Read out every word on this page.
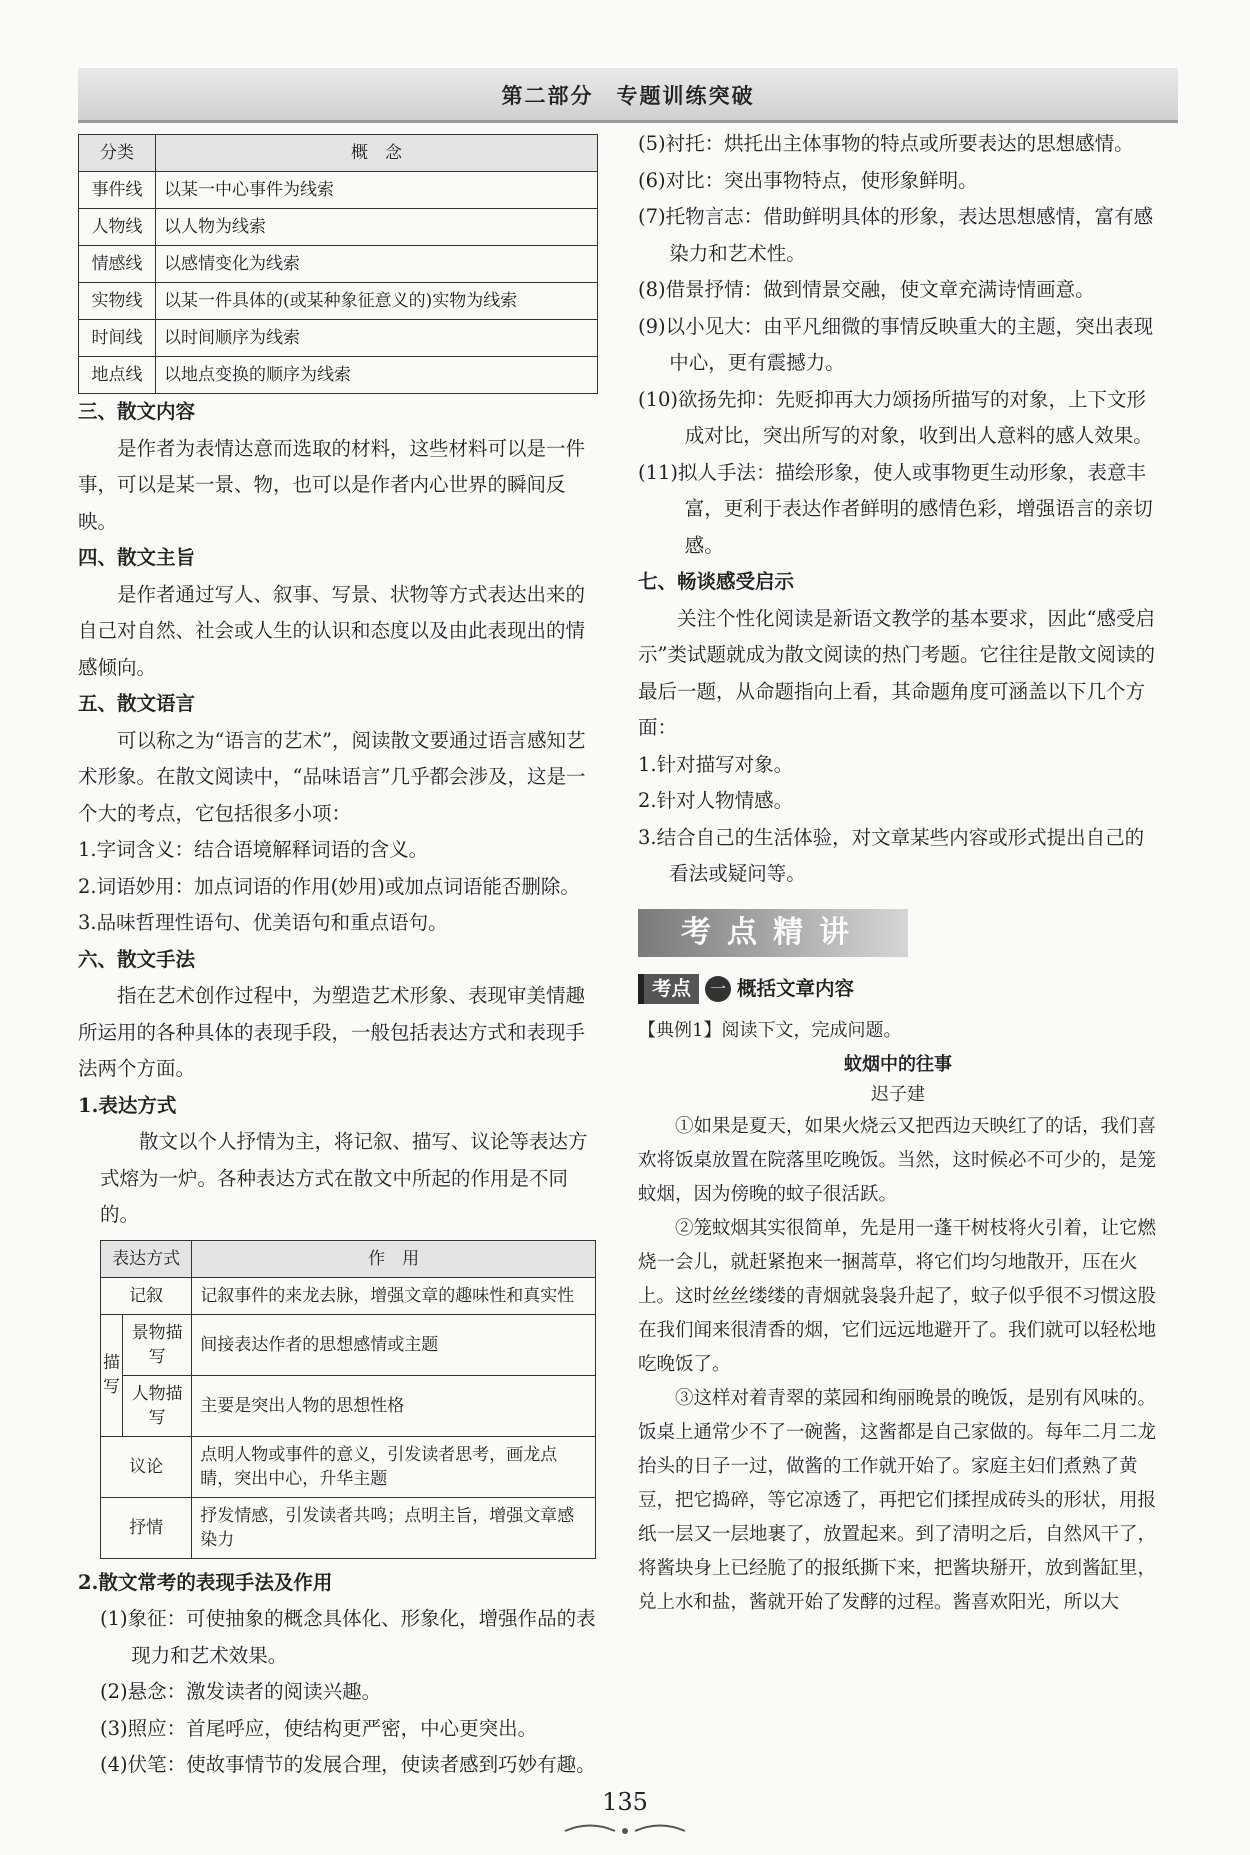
第二部分　专题训练突破
分类	概　念
事件线	以某一中心事件为线索
人物线	以人物为线索
情感线	以感情变化为线索
实物线	以某一件具体的(或某种象征意义的)实物为线索
时间线	以时间顺序为线索
地点线	以地点变换的顺序为线索

三、散文内容

是作者为表情达意而选取的材料，这些材料可以是一件事，可以是某一景、物，也可以是作者内心世界的瞬间反映。

四、散文主旨

是作者通过写人、叙事、写景、状物等方式表达出来的自己对自然、社会或人生的认识和态度以及由此表现出的情感倾向。

五、散文语言

可以称之为“语言的艺术”，阅读散文要通过语言感知艺术形象。在散文阅读中，“品味语言”几乎都会涉及，这是一个大的考点，它包括很多小项：

1.字词含义：结合语境解释词语的含义。

2.词语妙用：加点词语的作用(妙用)或加点词语能否删除。

3.品味哲理性语句、优美语句和重点语句。

六、散文手法

指在艺术创作过程中，为塑造艺术形象、表现审美情趣所运用的各种具体的表现手段，一般包括表达方式和表现手法两个方面。

1.表达方式

散文以个人抒情为主，将记叙、描写、议论等表达方式熔为一炉。各种表达方式在散文中所起的作用是不同的。

表达方式		作　用
记叙		记叙事件的来龙去脉，增强文章的趣味性和真实性
描写	景物描写	间接表达作者的思想感情或主题
	人物描写	主要是突出人物的思想性格
议论		点明人物或事件的意义，引发读者思考，画龙点睛，突出中心，升华主题
抒情		抒发情感，引发读者共鸣；点明主旨，增强文章感染力

2.散文常考的表现手法及作用

(1)象征：可使抽象的概念具体化、形象化，增强作品的表现力和艺术效果。

(2)悬念：激发读者的阅读兴趣。

(3)照应：首尾呼应，使结构更严密，中心更突出。

(4)伏笔：使故事情节的发展合理，使读者感到巧妙有趣。

(5)衬托：烘托出主体事物的特点或所要表达的思想感情。

(6)对比：突出事物特点，使形象鲜明。

(7)托物言志：借助鲜明具体的形象，表达思想感情，富有感染力和艺术性。

(8)借景抒情：做到情景交融，使文章充满诗情画意。

(9)以小见大：由平凡细微的事情反映重大的主题，突出表现中心，更有震撼力。

(10)欲扬先抑：先贬抑再大力颂扬所描写的对象，上下文形成对比，突出所写的对象，收到出人意料的感人效果。

(11)拟人手法：描绘形象，使人或事物更生动形象，表意丰富，更利于表达作者鲜明的感情色彩，增强语言的亲切感。

七、畅谈感受启示

关注个性化阅读是新语文教学的基本要求，因此“感受启示”类试题就成为散文阅读的热门考题。它往往是散文阅读的最后一题，从命题指向上看，其命题角度可涵盖以下几个方面：

1.针对描写对象。

2.针对人物情感。

3.结合自己的生活体验，对文章某些内容或形式提出自己的看法或疑问等。

考点精讲
考点	一 概括文章内容

【典例1】阅读下文，完成问题。

蚊烟中的往事

迟子建

①如果是夏天，如果火烧云又把西边天映红了的话，我们喜欢将饭桌放置在院落里吃晚饭。当然，这时候必不可少的，是笼蚊烟，因为傍晚的蚊子很活跃。

②笼蚊烟其实很简单，先是用一蓬干树枝将火引着，让它燃烧一会儿，就赶紧抱来一捆蒿草，将它们均匀地散开，压在火上。这时丝丝缕缕的青烟就袅袅升起了，蚊子似乎很不习惯这股在我们闻来很清香的烟，它们远远地避开了。我们就可以轻松地吃晚饭了。

③这样对着青翠的菜园和绚丽晚景的晚饭，是别有风味的。饭桌上通常少不了一碗酱，这酱都是自己家做的。每年二月二龙抬头的日子一过，做酱的工作就开始了。家庭主妇们煮熟了黄豆，把它捣碎，等它凉透了，再把它们揉捏成砖头的形状，用报纸一层又一层地裹了，放置起来。到了清明之后，自然风干了，将酱块身上已经脆了的报纸撕下来，把酱块掰开，放到酱缸里，兑上水和盐，酱就开始了发酵的过程。酱喜欢阳光，所以大

135
